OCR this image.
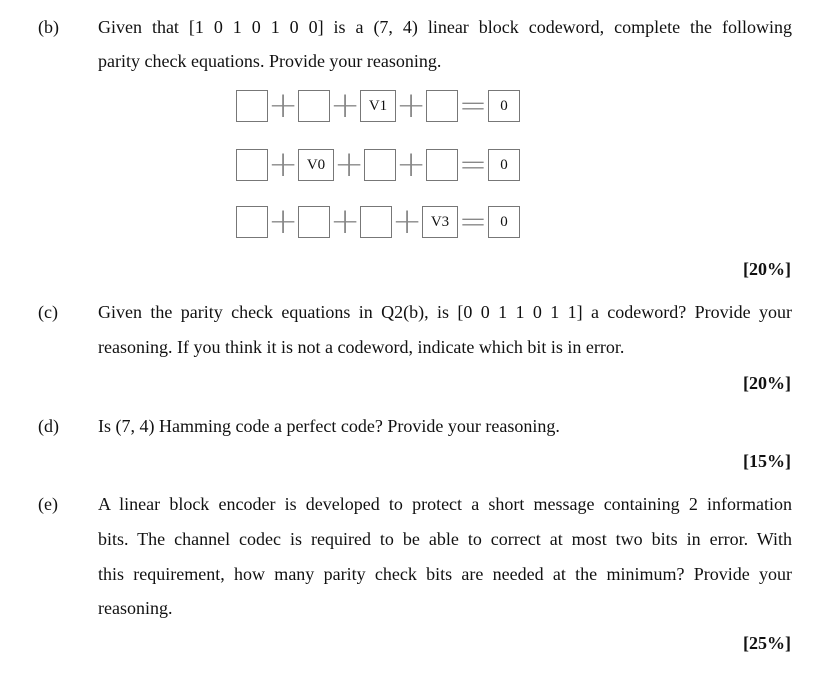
(b) Given that [1 0 1 0 1 0 0] is a (7, 4) linear block codeword, complete the following
parity check equations. Provide your reasoning.
+ + V1 + = 0
+ V0 + + = 0
+ + + V3 = 0
[20%]
(c) Given the parity check equations in Q2(b), is [0 0 1 1 0 1 1] a codeword? Provide your
reasoning. If you think it is not a codeword, indicate which bit is in error.
[20%]
(d) Is (7, 4) Hamming code a perfect code? Provide your reasoning.
[15%]
(e) A linear block encoder is developed to protect a short message containing 2 information
bits. The channel codec is required to be able to correct at most two bits in error. With
this requirement, how many parity check bits are needed at the minimum? Provide your
reasoning.
[25%]
